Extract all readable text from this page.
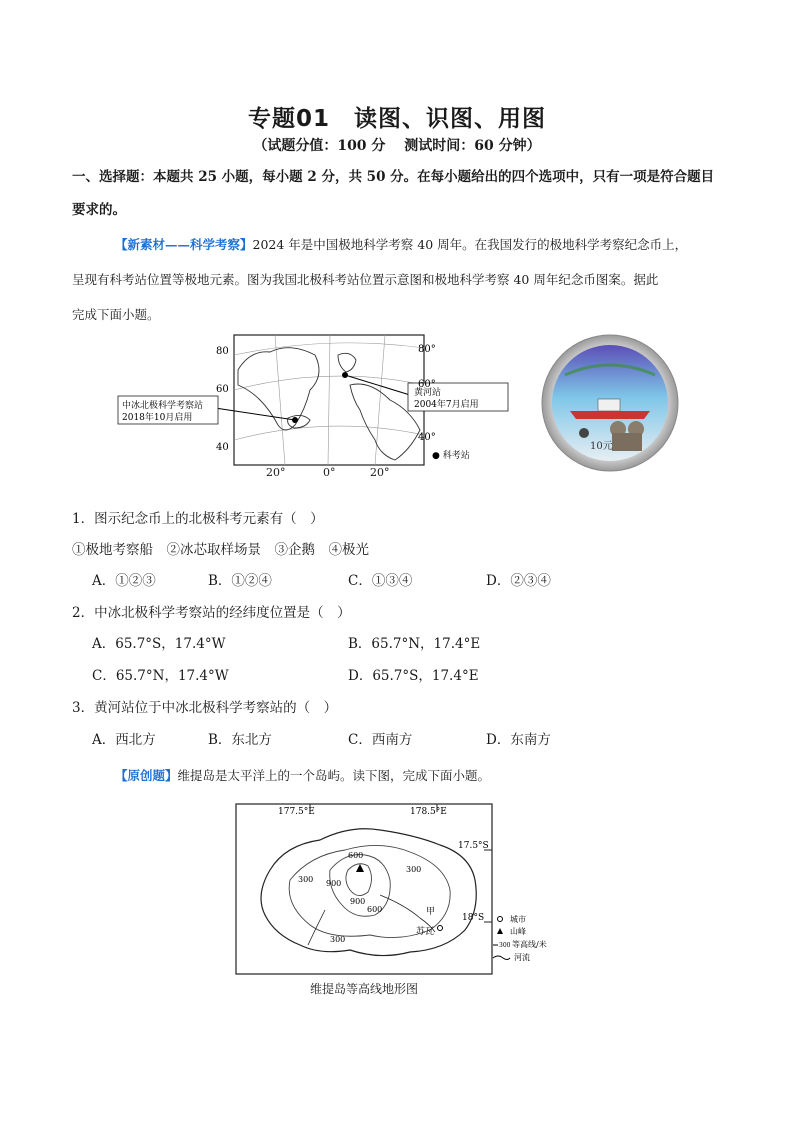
专题01　读图、识图、用图
（试题分值：100 分　 测试时间：60 分钟）
一、选择题：本题共 25 小题，每小题 2 分，共 50 分。在每小题给出的四个选项中，只有一项是符合题目
要求的。
【新素材——科学考察】2024 年是中国极地科学考察 40 周年。在我国发行的极地科学考察纪念币上，
呈现有科考站位置等极地元素。图为我国北极科考站位置示意图和极地科学考察 40 周年纪念币图案。据此
完成下面小题。
中冰北极科学考察站
2018年10月启用
黄河站
2004年7月启用
80
60
40
80°
60°
40°
● 科考站
20°	0°	20°
10元
1．图示纪念币上的北极科考元素有（　）
①极地考察船　②冰芯取样场景　③企鹅　④极光
A．①②③	B．①②④	C．①③④	D．②③④
2．中冰北极科学考察站的经纬度位置是（　）
A．65.7°S，17.4°W	B．65.7°N，17.4°E
C．65.7°N，17.4°W	D．65.7°S，17.4°E
3．黄河站位于中冰北极科学考察站的（　）
A．西北方	B．东北方	C．西南方	D．东南方
【原创题】维提岛是太平洋上的一个岛屿。读下图，完成下面小题。
177.5°E	178.5°E
17.5°S
18°S
600
900
300
900
600
300
300
甲
苏瓦
城市
山峰
300 等高线/米
河流
维提岛等高线地形图
